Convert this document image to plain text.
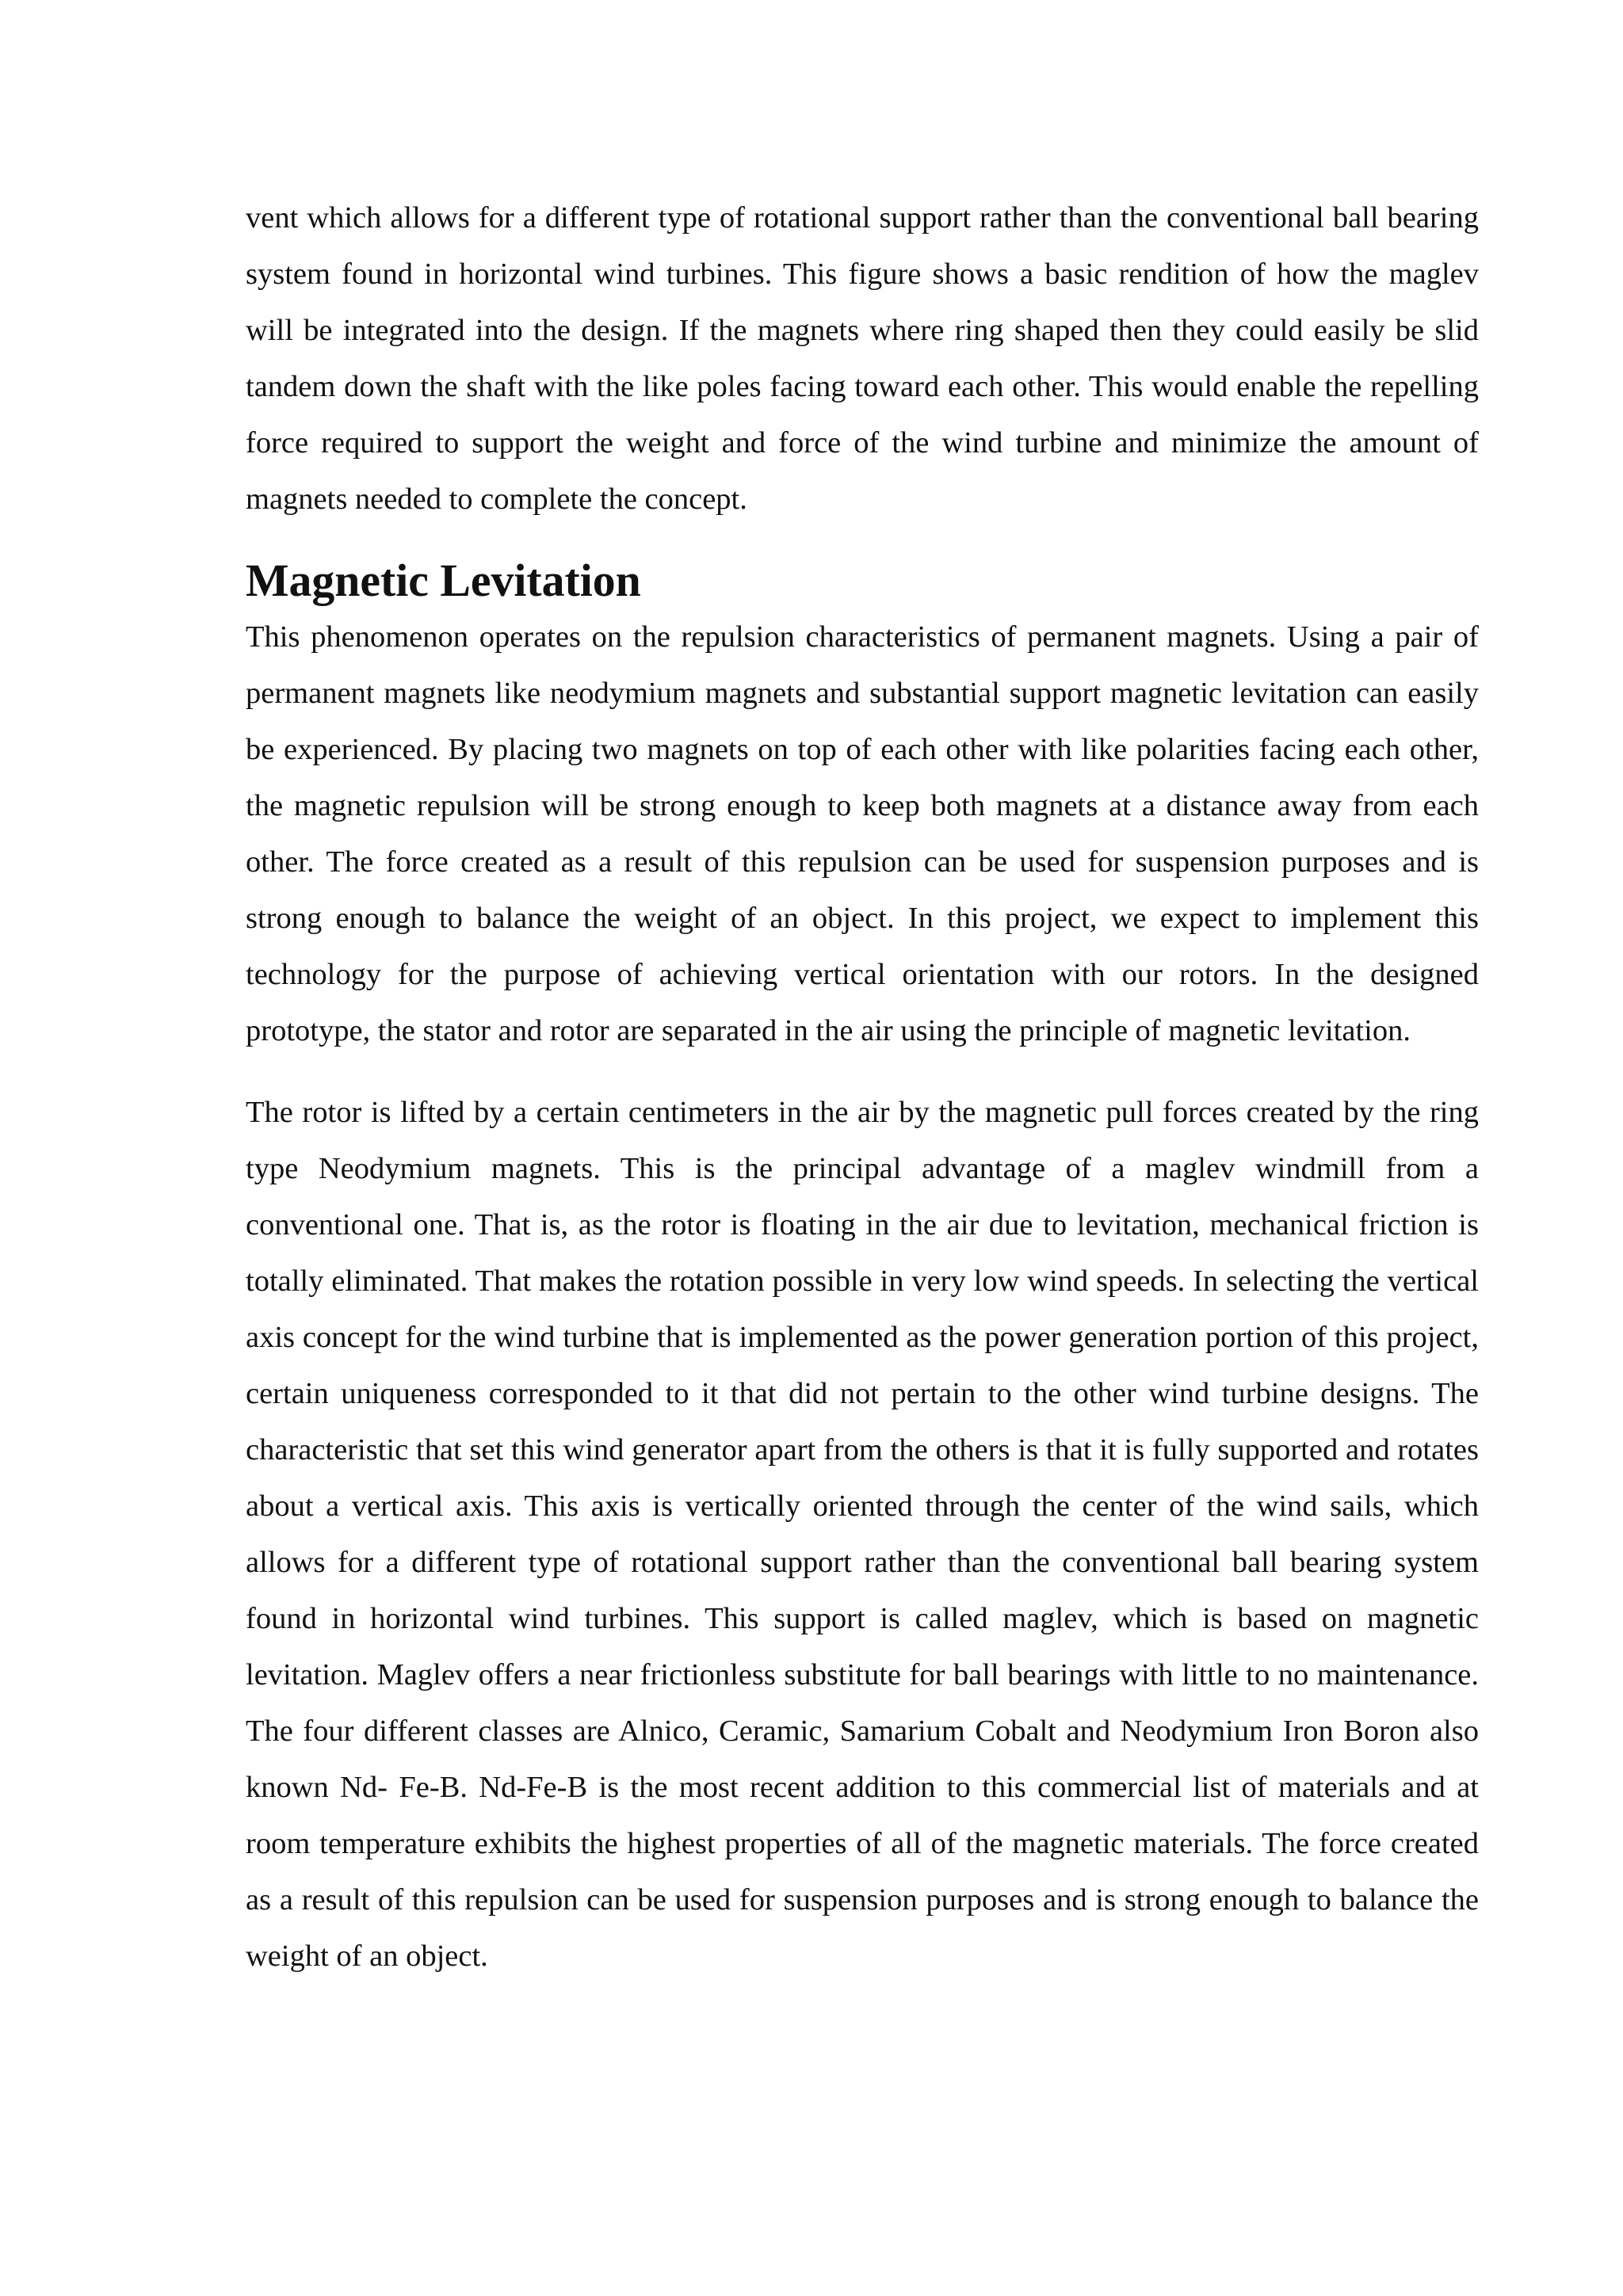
vent which allows for a different type of rotational support rather than the conventional ball bearing system found in horizontal wind turbines. This figure shows a basic rendition of how the maglev will be integrated into the design. If the magnets where ring shaped then they could easily be slid tandem down the shaft with the like poles facing toward each other. This would enable the repelling force required to support the weight and force of the wind turbine and minimize the amount of magnets needed to complete the concept.

Magnetic Levitation

This phenomenon operates on the repulsion characteristics of permanent magnets. Using a pair of permanent magnets like neodymium magnets and substantial support magnetic levitation can easily be experienced. By placing two magnets on top of each other with like polarities facing each other, the magnetic repulsion will be strong enough to keep both magnets at a distance away from each other. The force created as a result of this repulsion can be used for suspension purposes and is strong enough to balance the weight of an object. In this project, we expect to implement this technology for the purpose of achieving vertical orientation with our rotors. In the designed prototype, the stator and rotor are separated in the air using the principle of magnetic levitation.

The rotor is lifted by a certain centimeters in the air by the magnetic pull forces created by the ring type Neodymium magnets. This is the principal advantage of a maglev windmill from a conventional one. That is, as the rotor is floating in the air due to levitation, mechanical friction is totally eliminated. That makes the rotation possible in very low wind speeds. In selecting the vertical axis concept for the wind turbine that is implemented as the power generation portion of this project, certain uniqueness corresponded to it that did not pertain to the other wind turbine designs. The characteristic that set this wind generator apart from the others is that it is fully supported and rotates about a vertical axis. This axis is vertically oriented through the center of the wind sails, which allows for a different type of rotational support rather than the conventional ball bearing system found in horizontal wind turbines. This support is called maglev, which is based on magnetic levitation. Maglev offers a near frictionless substitute for ball bearings with little to no maintenance. The four different classes are Alnico, Ceramic, Samarium Cobalt and Neodymium Iron Boron also known Nd- Fe-B. Nd-Fe-B is the most recent addition to this commercial list of materials and at room temperature exhibits the highest properties of all of the magnetic materials. The force created as a result of this repulsion can be used for suspension purposes and is strong enough to balance the weight of an object.
